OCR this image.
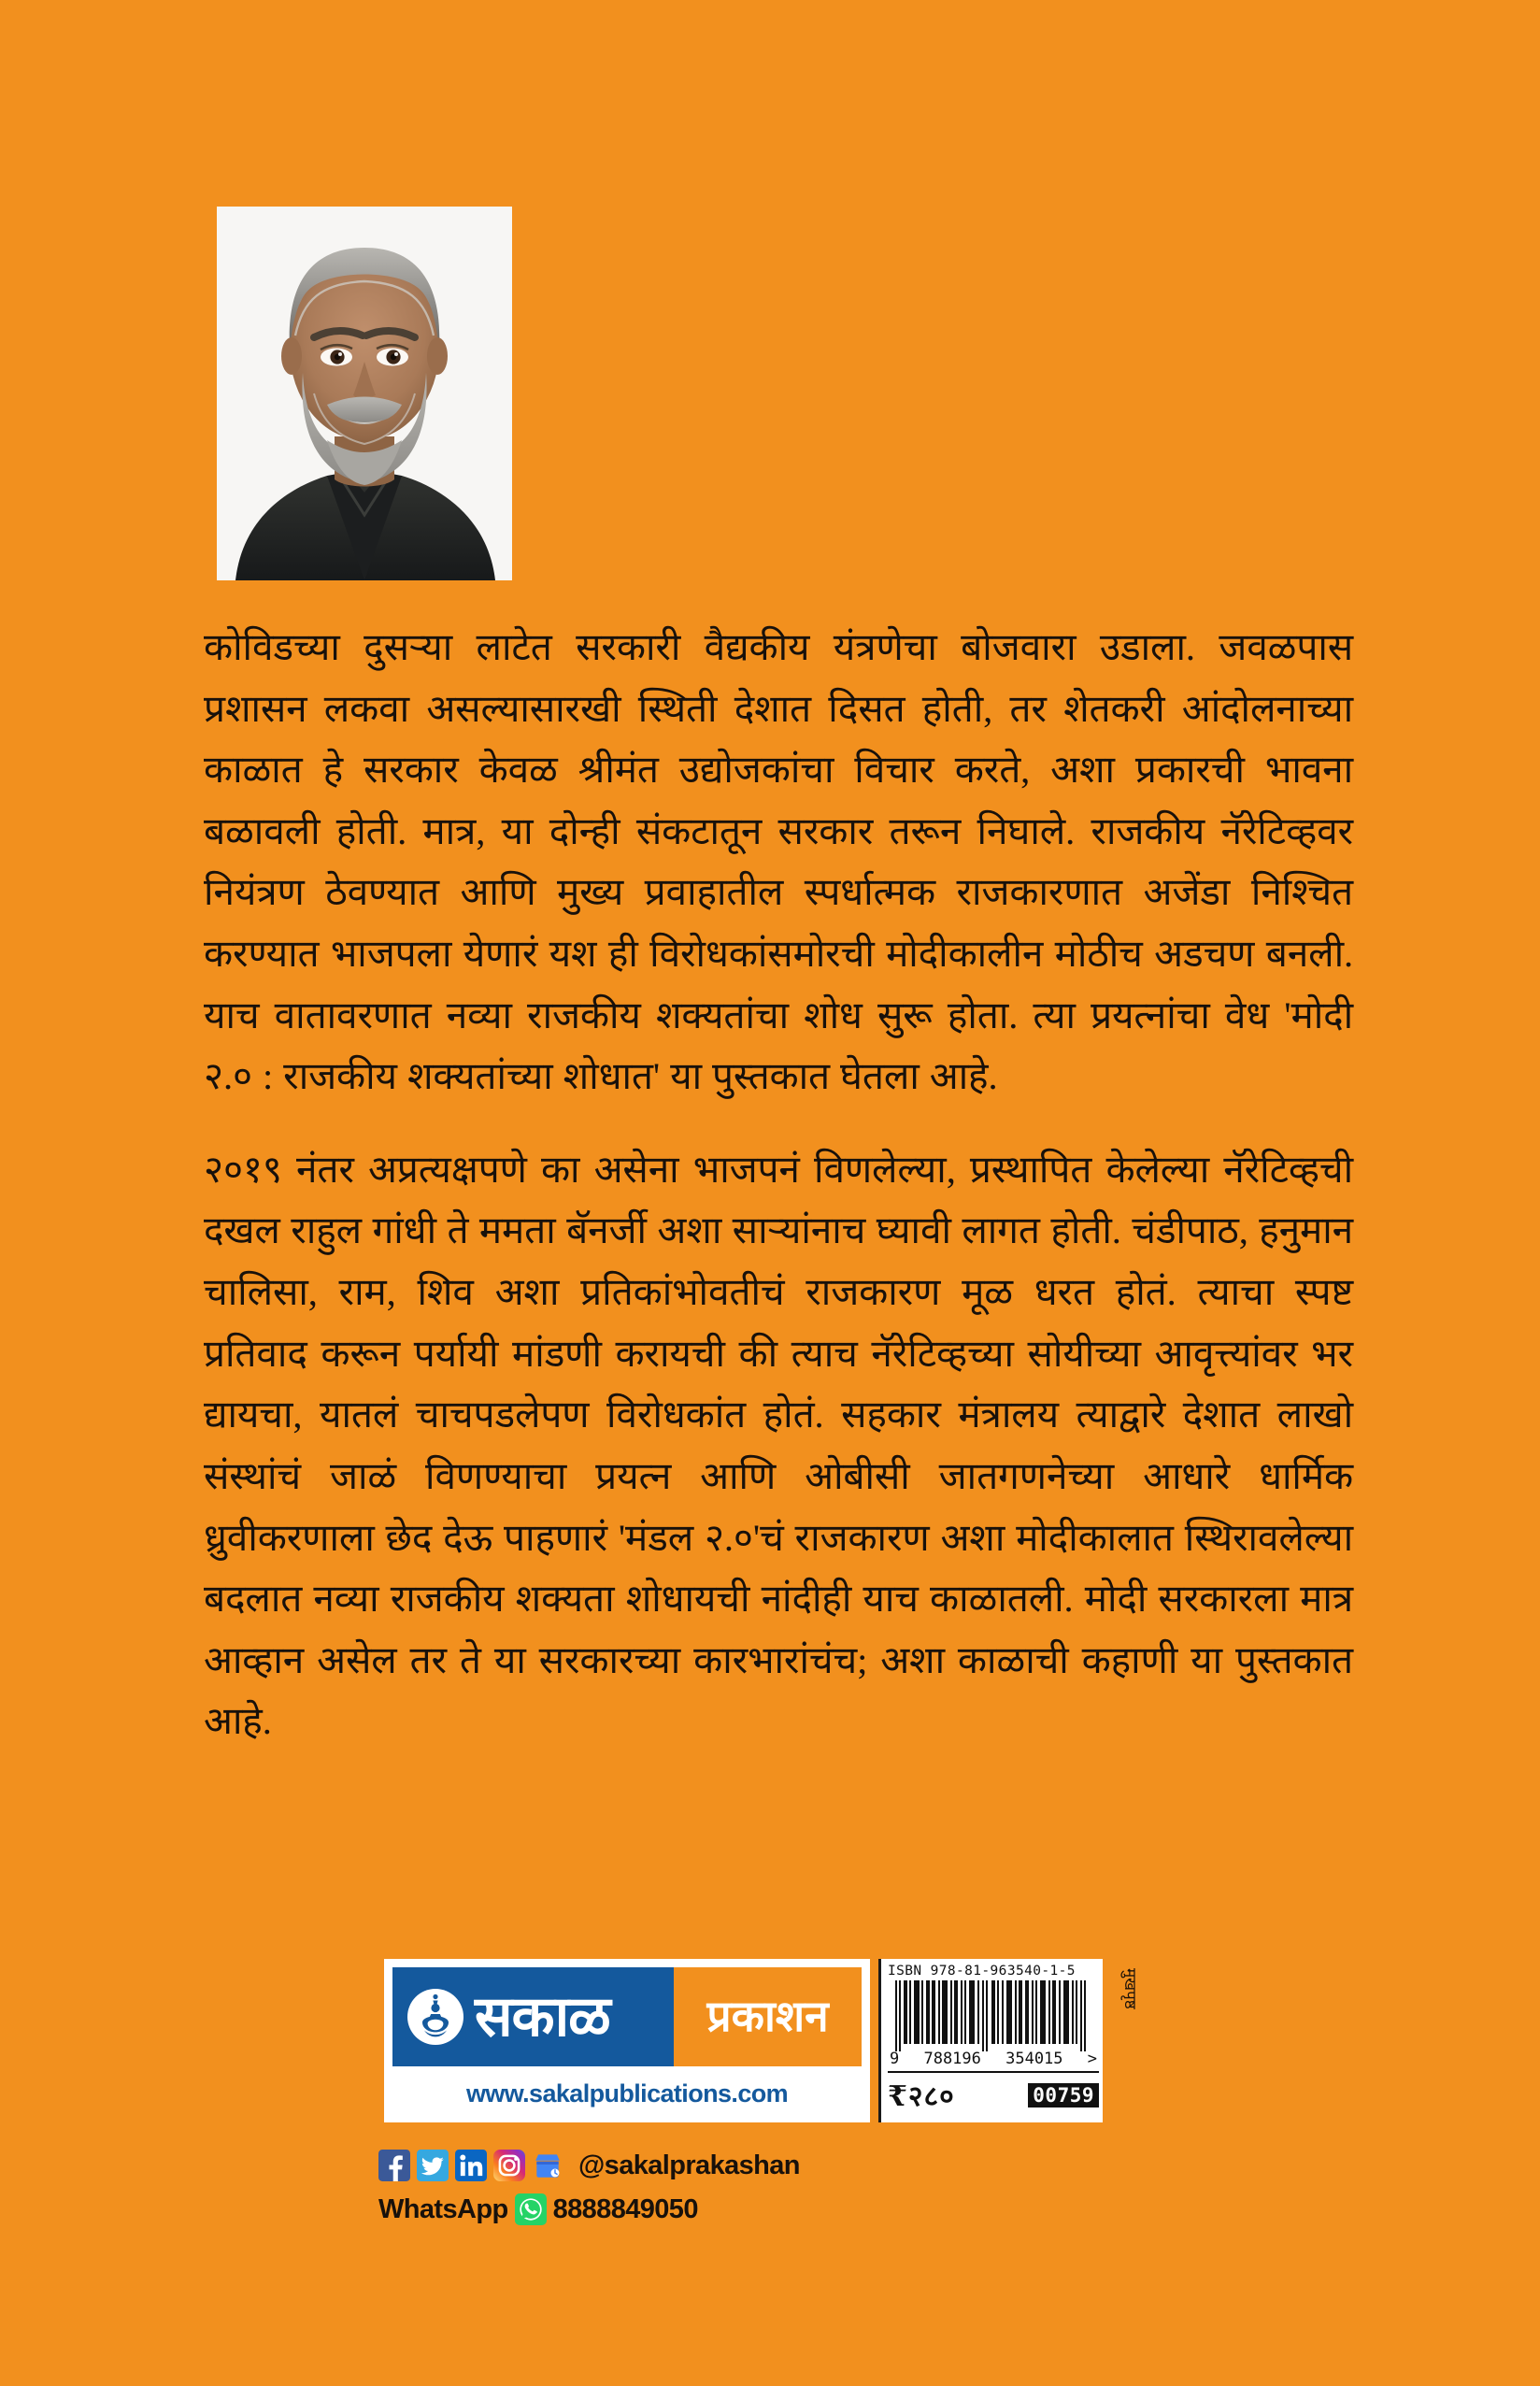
कोविडच्या दुसऱ्या लाटेत सरकारी वैद्यकीय यंत्रणेचा बोजवारा उडाला. जवळपास प्रशासन लकवा असल्यासारखी स्थिती देशात दिसत होती, तर शेतकरी आंदोलनाच्या काळात हे सरकार केवळ श्रीमंत उद्योजकांचा विचार करते, अशा प्रकारची भावना बळावली होती. मात्र, या दोन्ही संकटातून सरकार तरून निघाले. राजकीय नॅरेटिव्हवर नियंत्रण ठेवण्यात आणि मुख्य प्रवाहातील स्पर्धात्मक राजकारणात अजेंडा निश्चित करण्यात भाजपला येणारं यश ही विरोधकांसमोरची मोदीकालीन मोठीच अडचण बनली. याच वातावरणात नव्या राजकीय शक्यतांचा शोध सुरू होता. त्या प्रयत्नांचा वेध 'मोदी २.० : राजकीय शक्यतांच्या शोधात' या पुस्तकात घेतला आहे.

२०१९ नंतर अप्रत्यक्षपणे का असेना भाजपनं विणलेल्या, प्रस्थापित केलेल्या नॅरेटिव्हची दखल राहुल गांधी ते ममता बॅनर्जी अशा साऱ्यांनाच घ्यावी लागत होती. चंडीपाठ, हनुमान चालिसा, राम, शिव अशा प्रतिकांभोवतीचं राजकारण मूळ धरत होतं. त्याचा स्पष्ट प्रतिवाद करून पर्यायी मांडणी करायची की त्याच नॅरेटिव्हच्या सोयीच्या आवृत्त्यांवर भर द्यायचा, यातलं चाचपडलेपण विरोधकांत होतं. सहकार मंत्रालय त्याद्वारे देशात लाखो संस्थांचं जाळं विणण्याचा प्रयत्न आणि ओबीसी जातगणनेच्या आधारे धार्मिक ध्रुवीकरणाला छेद देऊ पाहणारं 'मंडल २.०'चं राजकारण अशा मोदीकालात स्थिरावलेल्या बदलात नव्या राजकीय शक्यता शोधायची नांदीही याच काळातली. मोदी सरकारला मात्र आव्हान असेल तर ते या सरकारच्या कारभारांचंच; अशा काळाची कहाणी या पुस्तकात आहे.

सकाळ प्रकाशन
www.sakalpublications.com
ISBN 978-81-963540-1-5
9 788196 354015 >
₹२८०	00759
मुखपृष्ठ
@sakalprakashan
WhatsApp 8888849050
